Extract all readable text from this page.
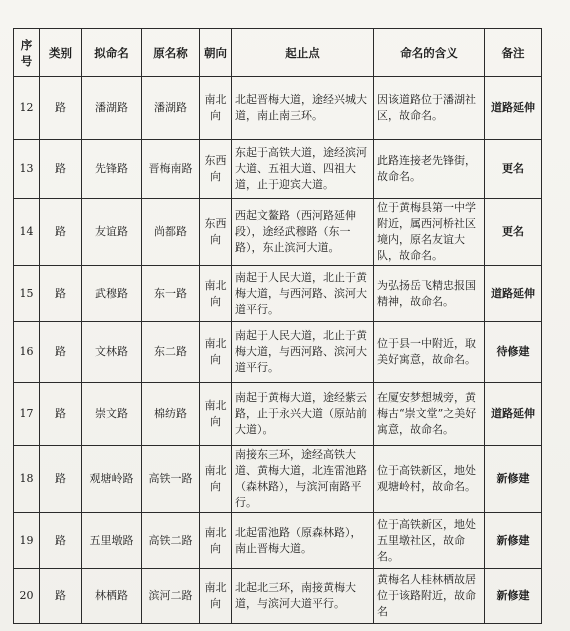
序号	类别	拟命名	原名称	朝向	起止点	命名的含义	备注
12	路	潘湖路	潘湖路	南北向	北起晋梅大道，途经兴城大道，南止南三环。	因该道路位于潘湖社区，故命名。	道路延伸
13	路	先锋路	晋梅南路	东西向	东起于高铁大道，途经滨河大道、五祖大道、四祖大道，止于迎宾大道。	此路连接老先锋街，故命名。	更名
14	路	友谊路	尚都路	东西向	西起文鳌路（西河路延伸段），途经武穆路（东一路），东止滨河大道。	位于黄梅县第一中学附近，属西河桥社区境内，原名友谊大队，故命名。	更名
15	路	武穆路	东一路	南北向	南起于人民大道，北止于黄梅大道，与西河路、滨河大道平行。	为弘扬岳飞精忠报国精神，故命名。	道路延伸
16	路	文林路	东二路	南北向	南起于人民大道，北止于黄梅大道，与西河路、滨河大道平行。	位于县一中附近，取美好寓意，故命名。	待修建
17	路	崇文路	棉纺路	南北向	南起于黄梅大道，途经紫云路，止于永兴大道（原站前大道）。	在厦安梦想城旁，黄梅古“崇文堂”之美好寓意，故命名。	道路延伸
18	路	观塘岭路	高铁一路	南北向	南接东三环，途经高铁大道、黄梅大道，北连雷池路（森林路），与滨河南路平行。	位于高铁新区，地处观塘岭村，故命名。	新修建
19	路	五里墩路	高铁二路	南北向	北起雷池路（原森林路），南止晋梅大道。	位于高铁新区，地处五里墩社区，故命名。	新修建
20	路	林栖路	滨河二路	南北向	北起北三环，南接黄梅大道，与滨河大道平行。	黄梅名人桂林栖故居位于该路附近，故命名	新修建
